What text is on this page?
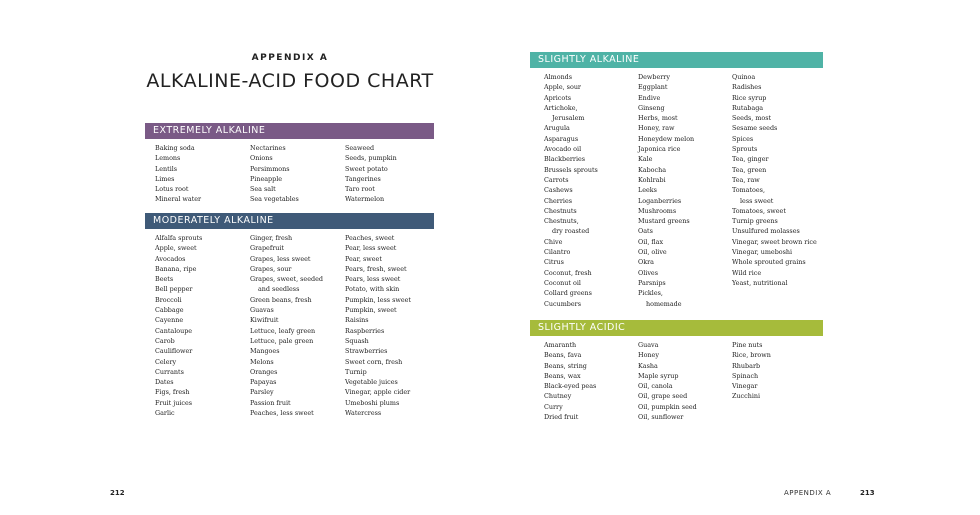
APPENDIX A
ALKALINE-ACID FOOD CHART
EXTREMELY ALKALINE
Baking soda
Lemons
Lentils
Limes
Lotus root
Mineral water
Nectarines
Onions
Persimmons
Pineapple
Sea salt
Sea vegetables
Seaweed
Seeds, pumpkin
Sweet potato
Tangerines
Taro root
Watermelon
MODERATELY ALKALINE
Alfalfa sprouts
Apple, sweet
Avocados
Banana, ripe
Beets
Bell pepper
Broccoli
Cabbage
Cayenne
Cantaloupe
Carob
Cauliflower
Celery
Currants
Dates
Figs, fresh
Fruit juices
Garlic
Ginger, fresh
Grapefruit
Grapes, less sweet
Grapes, sour
Grapes, sweet, seeded
and seedless
Green beans, fresh
Guavas
Kiwifruit
Lettuce, leafy green
Lettuce, pale green
Mangoes
Melons
Oranges
Papayas
Parsley
Passion fruit
Peaches, less sweet
Peaches, sweet
Pear, less sweet
Pear, sweet
Pears, fresh, sweet
Pears, less sweet
Potato, with skin
Pumpkin, less sweet
Pumpkin, sweet
Raisins
Raspberries
Squash
Strawberries
Sweet corn, fresh
Turnip
Vegetable juices
Vinegar, apple cider
Umeboshi plums
Watercress
212
SLIGHTLY ALKALINE
Almonds
Apple, sour
Apricots
Artichoke,
Jerusalem
Arugula
Asparagus
Avocado oil
Blackberries
Brussels sprouts
Carrots
Cashews
Cherries
Chestnuts
Chestnuts,
dry roasted
Chive
Cilantro
Citrus
Coconut, fresh
Coconut oil
Collard greens
Cucumbers
Dewberry
Eggplant
Endive
Ginseng
Herbs, most
Honey, raw
Honeydew melon
Japonica rice
Kale
Kabocha
Kohlrabi
Leeks
Loganberries
Mushrooms
Mustard greens
Oats
Oil, flax
Oil, olive
Okra
Olives
Parsnips
Pickles,
homemade
Quinoa
Radishes
Rice syrup
Rutabaga
Seeds, most
Sesame seeds
Spices
Sprouts
Tea, ginger
Tea, green
Tea, raw
Tomatoes,
less sweet
Tomatoes, sweet
Turnip greens
Unsulfured molasses
Vinegar, sweet brown rice
Vinegar, umeboshi
Whole sprouted grains
Wild rice
Yeast, nutritional
SLIGHTLY ACIDIC
Amaranth
Beans, fava
Beans, string
Beans, wax
Black-eyed peas
Chutney
Curry
Dried fruit
Guava
Honey
Kasha
Maple syrup
Oil, canola
Oil, grape seed
Oil, pumpkin seed
Oil, sunflower
Pine nuts
Rice, brown
Rhubarb
Spinach
Vinegar
Zucchini
APPENDIX A	213
